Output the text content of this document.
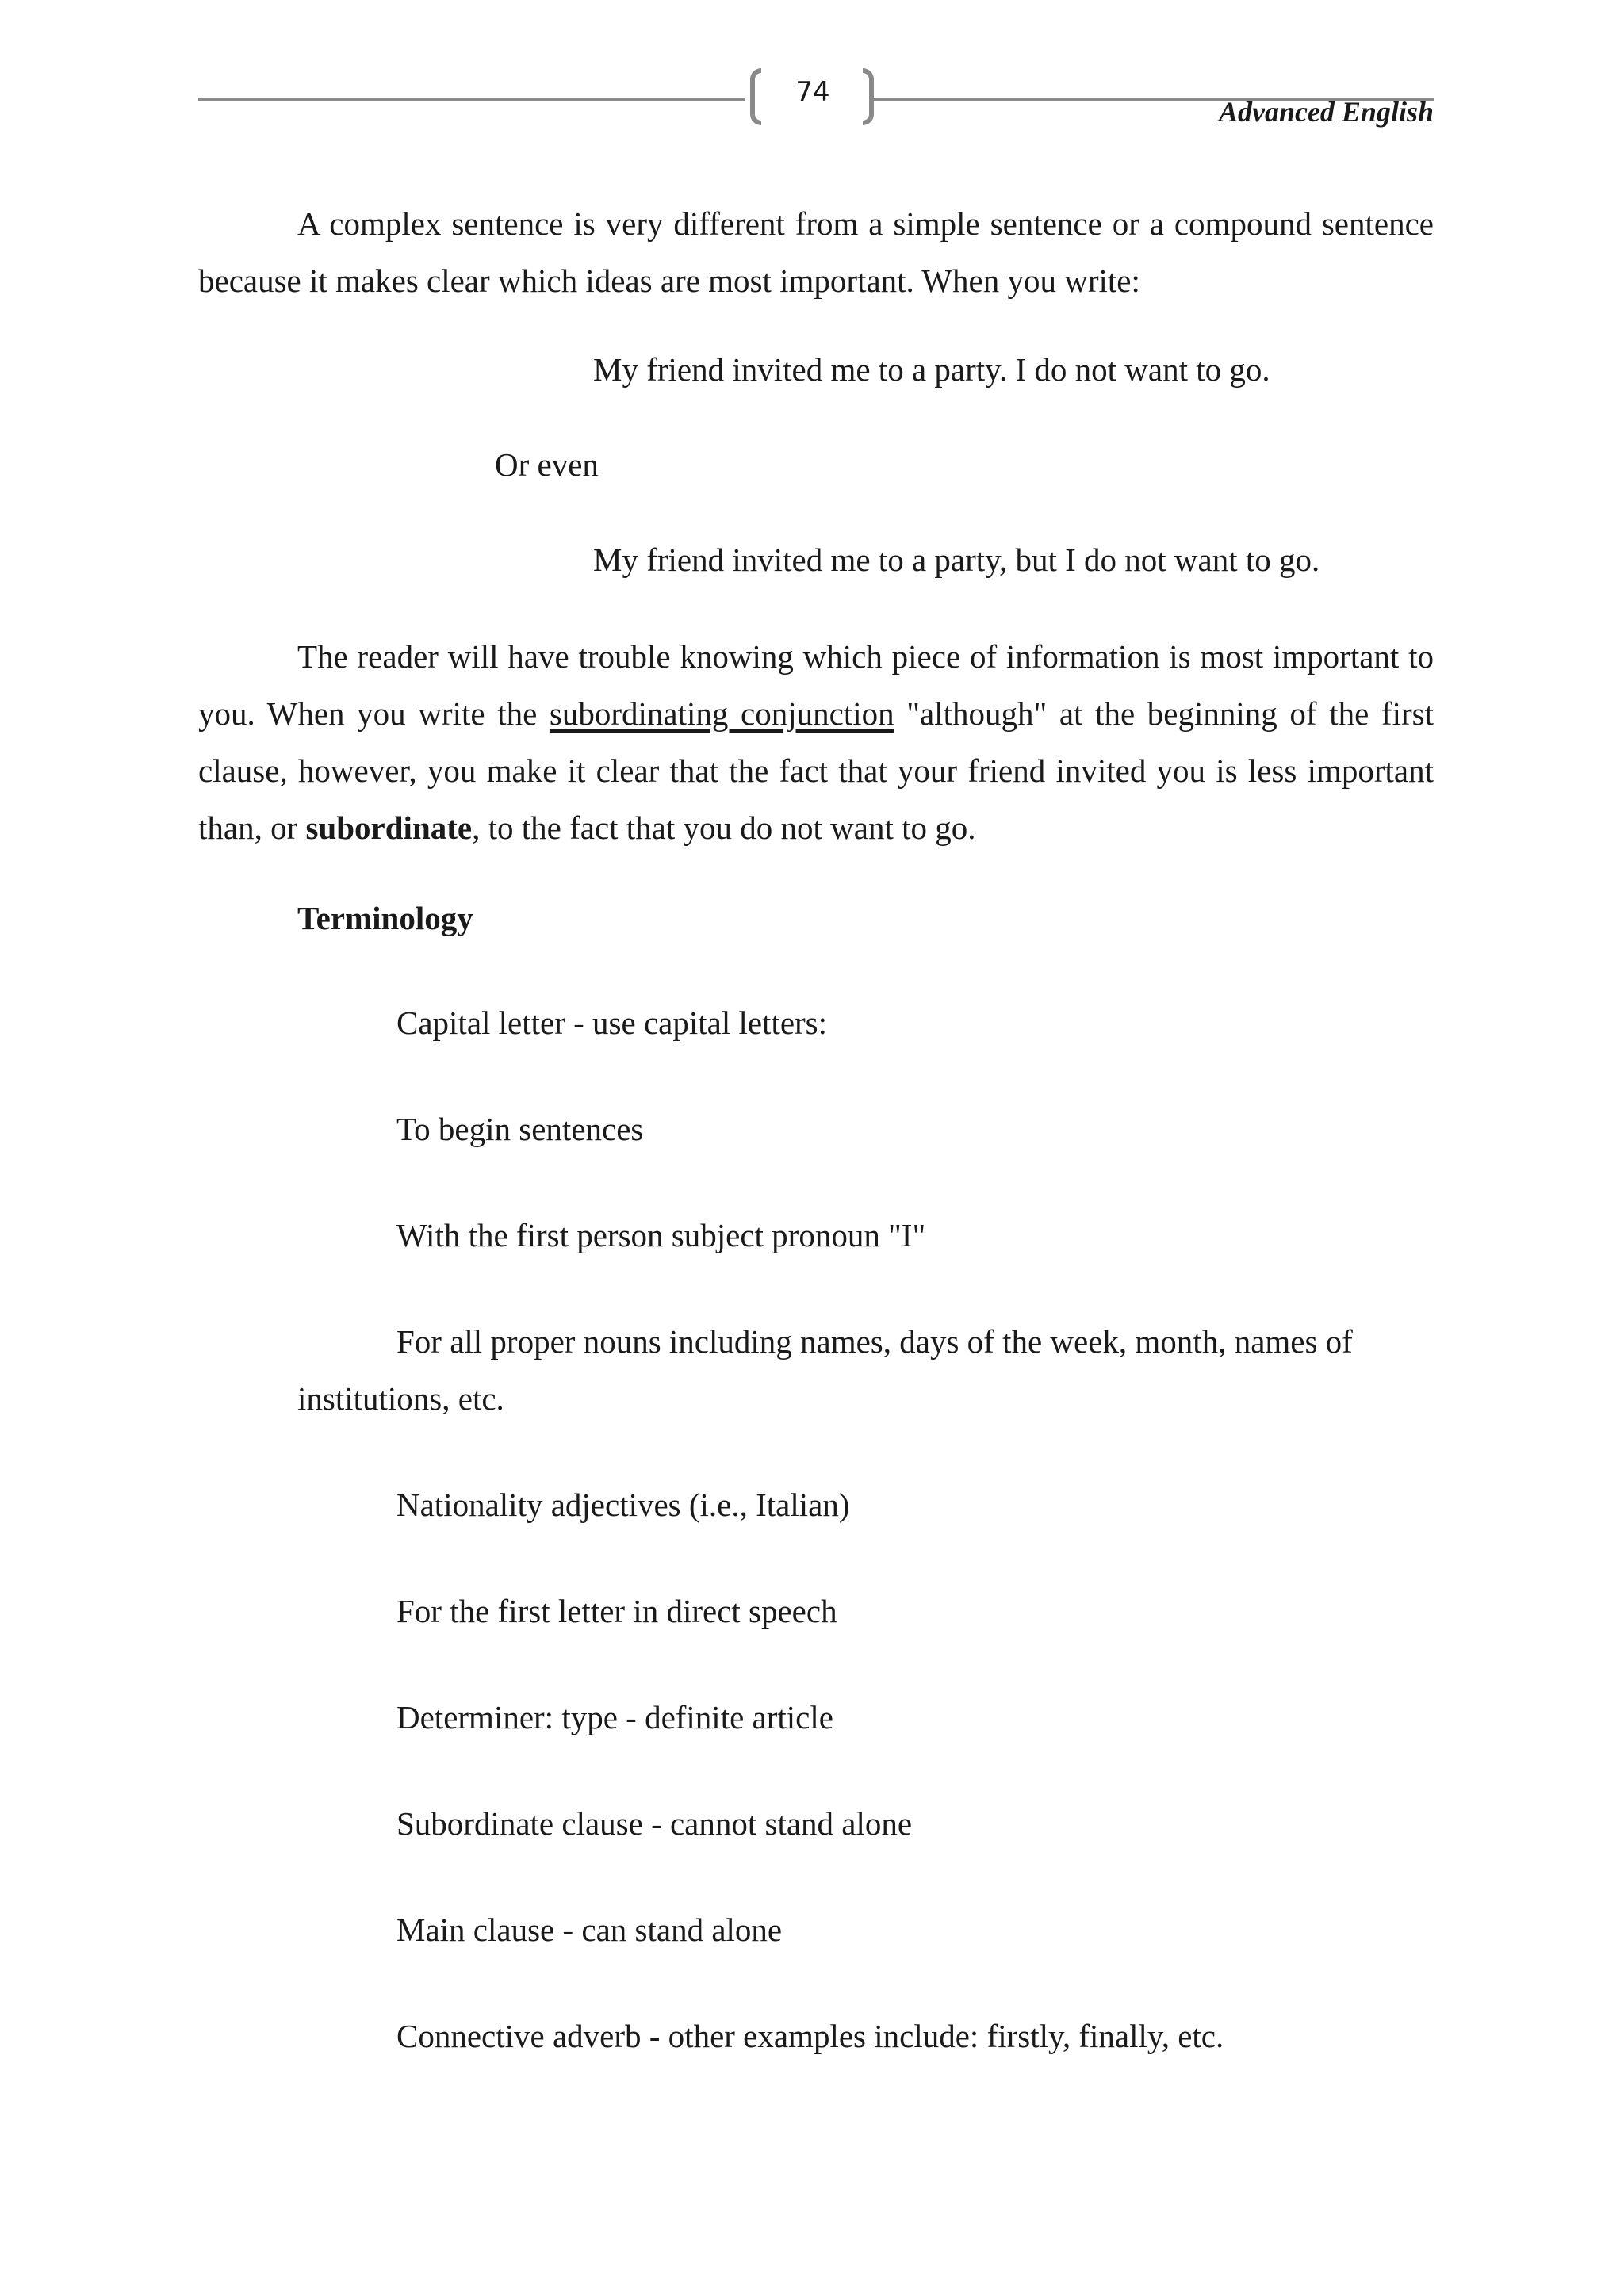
74
Advanced English

A complex sentence is very different from a simple sentence or a compound sentence because it makes clear which ideas are most important. When you write:

My friend invited me to a party. I do not want to go.

Or even

My friend invited me to a party, but I do not want to go.

The reader will have trouble knowing which piece of information is most important to you. When you write the subordinating conjunction "although" at the beginning of the first clause, however, you make it clear that the fact that your friend invited you is less important than, or subordinate, to the fact that you do not want to go.

Terminology

Capital letter - use capital letters:

To begin sentences

With the first person subject pronoun "I"

For all proper nouns including names, days of the week, month, names of institutions, etc.

Nationality adjectives (i.e., Italian)

For the first letter in direct speech

Determiner: type - definite article

Subordinate clause - cannot stand alone

Main clause - can stand alone

Connective adverb - other examples include: firstly, finally, etc.
